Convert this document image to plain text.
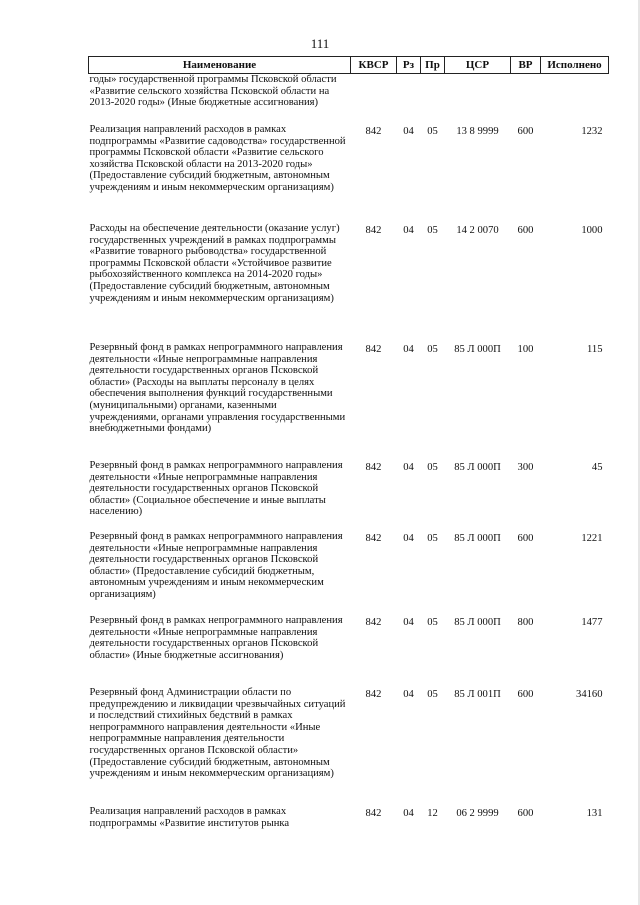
111
Наименование	КВСР	Рз	Пр	ЦСР	ВР	Исполнено
годы» государственной программы Псковской области «Развитие сельского хозяйства Псковской области на 2013-2020 годы» (Иные бюджетные ассигнования)						
Реализация направлений расходов в рамках подпрограммы «Развитие садоводства» государственной программы Псковской области «Развитие сельского хозяйства Псковской области на 2013-2020 годы» (Предоставление субсидий бюджетным, автономным учреждениям и иным некоммерческим организациям)	842	04	05	13 8 9999	600	1232
Расходы на обеспечение деятельности (оказание услуг) государственных учреждений в рамках подпрограммы «Развитие товарного рыбоводства» государственной программы Псковской области «Устойчивое развитие рыбохозяйственного комплекса на 2014-2020 годы» (Предоставление субсидий бюджетным, автономным учреждениям и иным некоммерческим организациям)	842	04	05	14 2 0070	600	1000
Резервный фонд в рамках непрограммного направления деятельности «Иные непрограммные направления деятельности государственных органов Псковской области» (Расходы на выплаты персоналу в целях обеспечения выполнения функций государственными (муниципальными) органами, казенными учреждениями, органами управления государственными внебюджетными фондами)	842	04	05	85 Л 000П	100	115
Резервный фонд в рамках непрограммного направления деятельности «Иные непрограммные направления деятельности государственных органов Псковской области» (Социальное обеспечение и иные выплаты населению)	842	04	05	85 Л 000П	300	45
Резервный фонд в рамках непрограммного направления деятельности «Иные непрограммные направления деятельности государственных органов Псковской области» (Предоставление субсидий бюджетным, автономным учреждениям и иным некоммерческим организациям)	842	04	05	85 Л 000П	600	1221
Резервный фонд в рамках непрограммного направления деятельности «Иные непрограммные направления деятельности государственных органов Псковской области» (Иные бюджетные ассигнования)	842	04	05	85 Л 000П	800	1477
Резервный фонд Администрации области по предупреждению и ликвидации чрезвычайных ситуаций и последствий стихийных бедствий в рамках непрограммного направления деятельности «Иные непрограммные направления деятельности государственных органов Псковской области» (Предоставление субсидий бюджетным, автономным учреждениям и иным некоммерческим организациям)	842	04	05	85 Л 001П	600	34160
Реализация направлений расходов в рамках подпрограммы «Развитие институтов рынка	842	04	12	06 2 9999	600	131
